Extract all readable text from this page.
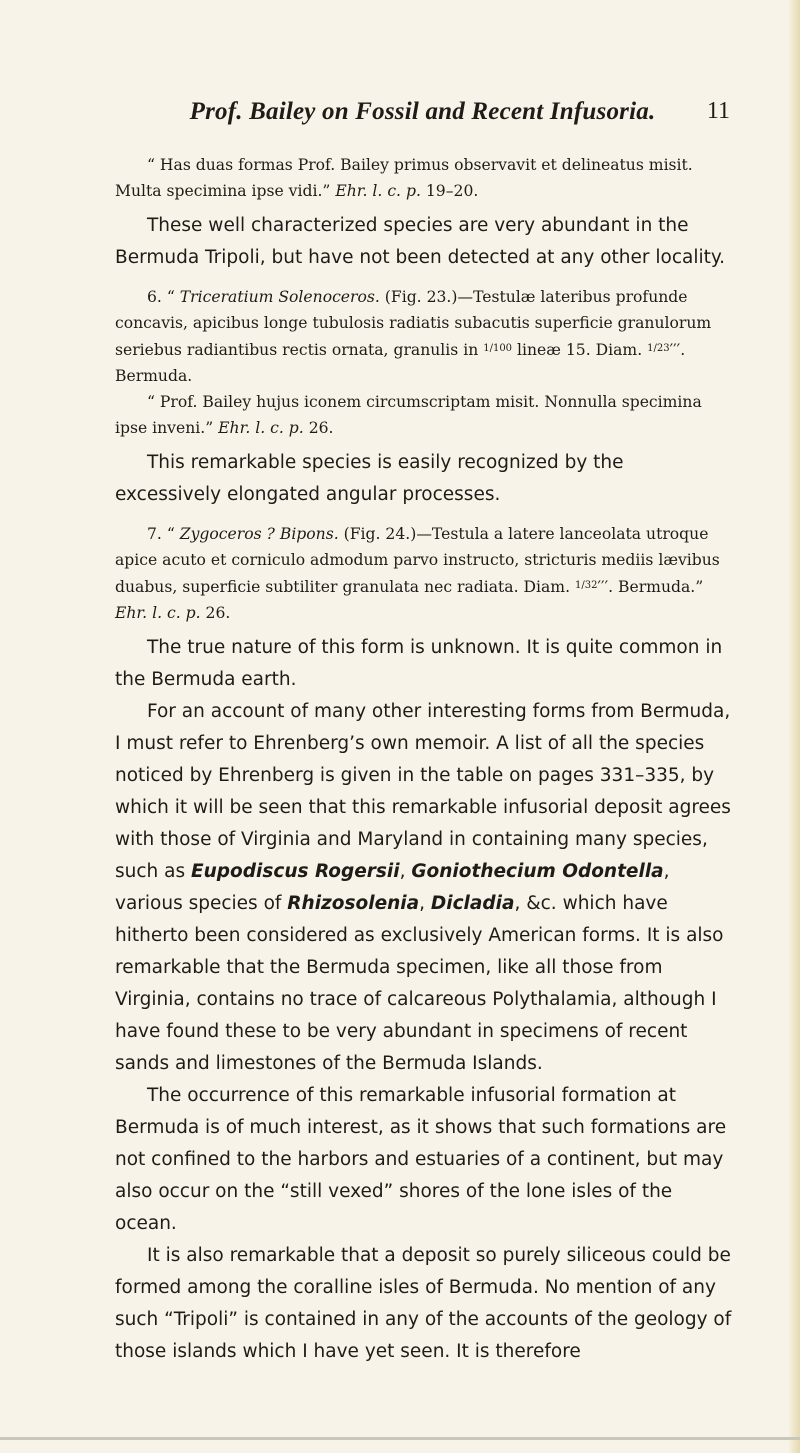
Prof. Bailey on Fossil and Recent Infusoria.	11

“ Has duas formas Prof. Bailey primus observavit et delineatus misit. Multa specimina ipse vidi.” Ehr. l. c. p. 19–20.

These well characterized species are very abundant in the Bermuda Tripoli, but have not been detected at any other locality.

6. “ Triceratium Solenoceros. (Fig. 23.)—Testulæ lateribus profunde concavis, apicibus longe tubulosis radiatis subacutis superficie granulorum seriebus radiantibus rectis ornata, granulis in $^{1/100}$ lineæ 15. Diam. $^{1/23}$′′′. Bermuda.

“ Prof. Bailey hujus iconem circumscriptam misit. Nonnulla specimina ipse inveni.” Ehr. l. c. p. 26.

This remarkable species is easily recognized by the excessively elongated angular processes.

7. “ Zygoceros ? Bipons. (Fig. 24.)—Testula a latere lanceolata utroque apice acuto et corniculo admodum parvo instructo, stricturis mediis lævibus duabus, superficie subtiliter granulata nec radiata. Diam. $^{1/32}$′′′. Bermuda.” Ehr. l. c. p. 26.

The true nature of this form is unknown. It is quite common in the Bermuda earth.

For an account of many other interesting forms from Bermuda, I must refer to Ehrenberg’s own memoir. A list of all the species noticed by Ehrenberg is given in the table on pages 331–335, by which it will be seen that this remarkable infusorial deposit agrees with those of Virginia and Maryland in containing many species, such as Eupodiscus Rogersii, Goniothecium Odontella, various species of Rhizosolenia, Dicladia, &c. which have hitherto been considered as exclusively American forms. It is also remarkable that the Bermuda specimen, like all those from Virginia, contains no trace of calcareous Polythalamia, although I have found these to be very abundant in specimens of recent sands and limestones of the Bermuda Islands.

The occurrence of this remarkable infusorial formation at Bermuda is of much interest, as it shows that such formations are not confined to the harbors and estuaries of a continent, but may also occur on the “still vexed” shores of the lone isles of the ocean.

It is also remarkable that a deposit so purely siliceous could be formed among the coralline isles of Bermuda. No mention of any such “Tripoli” is contained in any of the accounts of the geology of those islands which I have yet seen. It is therefore
